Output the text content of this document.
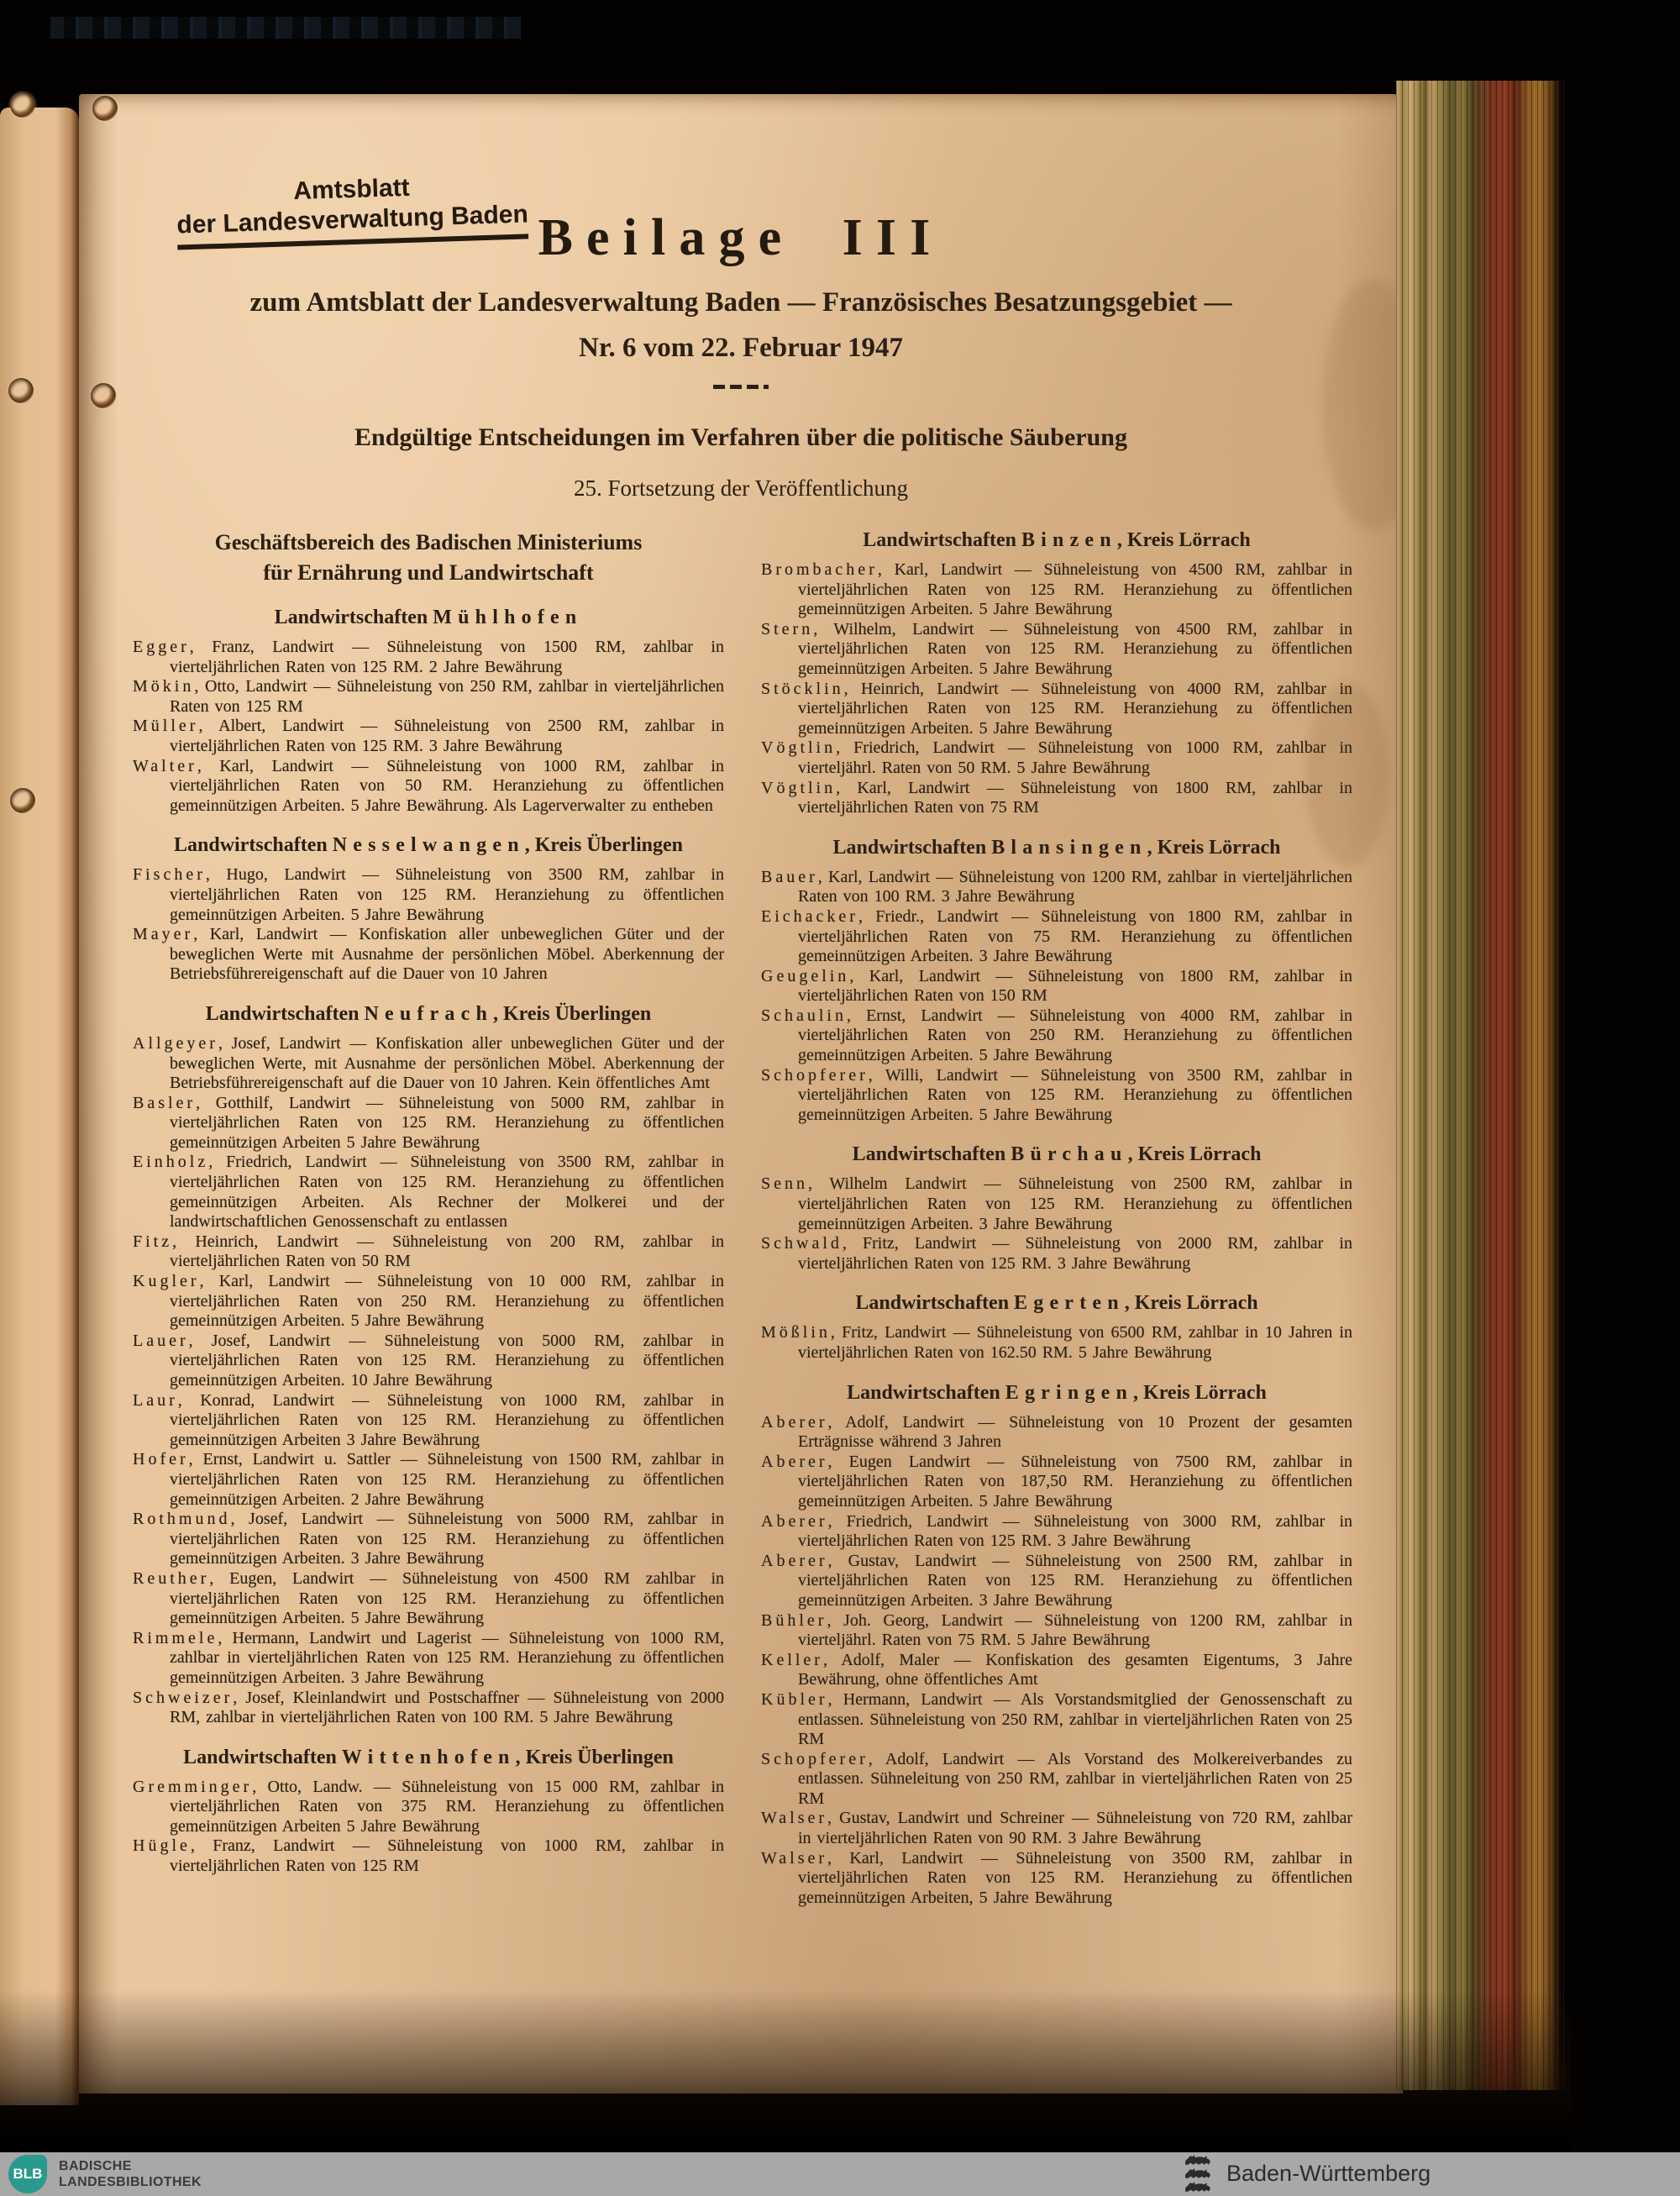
Amtsblatt
der Landesverwaltung Baden Beilage III
zum Amtsblatt der Landesverwaltung Baden — Französisches Besatzungsgebiet —
Nr. 6 vom 22. Februar 1947
Endgültige Entscheidungen im Verfahren über die politische Säuberung
25. Fortsetzung der Veröffentlichung

Geschäftsbereich des Badischen Ministeriums
für Ernährung und Landwirtschaft

Landwirtschaften Mühlhofen

Egger, Franz, Landwirt — Sühneleistung von 1500 RM, zahlbar in vierteljährlichen Raten von 125 RM. 2 Jahre Bewährung

Mökin, Otto, Landwirt — Sühneleistung von 250 RM, zahlbar in vierteljährlichen Raten von 125 RM

Müller, Albert, Landwirt — Sühneleistung von 2500 RM, zahlbar in vierteljährlichen Raten von 125 RM. 3 Jahre Bewährung

Walter, Karl, Landwirt — Sühneleistung von 1000 RM, zahlbar in vierteljährlichen Raten von 50 RM. Heranziehung zu öffentlichen gemeinnützigen Arbeiten. 5 Jahre Bewährung. Als Lagerverwalter zu entheben

Landwirtschaften Nesselwangen, Kreis Überlingen

Fischer, Hugo, Landwirt — Sühneleistung von 3500 RM, zahlbar in vierteljährlichen Raten von 125 RM. Heranziehung zu öffentlichen gemeinnützigen Arbeiten. 5 Jahre Bewährung

Mayer, Karl, Landwirt — Konfiskation aller unbeweglichen Güter und der beweglichen Werte mit Ausnahme der persönlichen Möbel. Aberkennung der Betriebsführereigenschaft auf die Dauer von 10 Jahren

Landwirtschaften Neufrach, Kreis Überlingen

Allgeyer, Josef, Landwirt — Konfiskation aller unbeweglichen Güter und der beweglichen Werte, mit Ausnahme der persönlichen Möbel. Aberkennung der Betriebsführereigenschaft auf die Dauer von 10 Jahren. Kein öffentliches Amt

Basler, Gotthilf, Landwirt — Sühneleistung von 5000 RM, zahlbar in vierteljährlichen Raten von 125 RM. Heranziehung zu öffentlichen gemeinnützigen Arbeiten 5 Jahre Bewährung

Einholz, Friedrich, Landwirt — Sühneleistung von 3500 RM, zahlbar in vierteljährlichen Raten von 125 RM. Heranziehung zu öffentlichen gemeinnützigen Arbeiten. Als Rechner der Molkerei und der landwirtschaftlichen Genossenschaft zu entlassen

Fitz, Heinrich, Landwirt — Sühneleistung von 200 RM, zahlbar in vierteljährlichen Raten von 50 RM

Kugler, Karl, Landwirt — Sühneleistung von 10 000 RM, zahlbar in vierteljährlichen Raten von 250 RM. Heranziehung zu öffentlichen gemeinnützigen Arbeiten. 5 Jahre Bewährung

Lauer, Josef, Landwirt — Sühneleistung von 5000 RM, zahlbar in vierteljährlichen Raten von 125 RM. Heranziehung zu öffentlichen gemeinnützigen Arbeiten. 10 Jahre Bewährung

Laur, Konrad, Landwirt — Sühneleistung von 1000 RM, zahlbar in vierteljährlichen Raten von 125 RM. Heranziehung zu öffentlichen gemeinnützigen Arbeiten 3 Jahre Bewährung

Hofer, Ernst, Landwirt u. Sattler — Sühneleistung von 1500 RM, zahlbar in vierteljährlichen Raten von 125 RM. Heranziehung zu öffentlichen gemeinnützigen Arbeiten. 2 Jahre Bewährung

Rothmund, Josef, Landwirt — Sühneleistung von 5000 RM, zahlbar in vierteljährlichen Raten von 125 RM. Heranziehung zu öffentlichen gemeinnützigen Arbeiten. 3 Jahre Bewährung

Reuther, Eugen, Landwirt — Sühneleistung von 4500 RM zahlbar in vierteljährlichen Raten von 125 RM. Heranziehung zu öffentlichen gemeinnützigen Arbeiten. 5 Jahre Bewährung

Rimmele, Hermann, Landwirt und Lagerist — Sühneleistung von 1000 RM, zahlbar in vierteljährlichen Raten von 125 RM. Heranziehung zu öffentlichen gemeinnützigen Arbeiten. 3 Jahre Bewährung

Schweizer, Josef, Kleinlandwirt und Postschaffner — Sühneleistung von 2000 RM, zahlbar in vierteljährlichen Raten von 100 RM. 5 Jahre Bewährung

Landwirtschaften Wittenhofen, Kreis Überlingen

Gremminger, Otto, Landw. — Sühneleistung von 15 000 RM, zahlbar in vierteljährlichen Raten von 375 RM. Heranziehung zu öffentlichen gemeinnützigen Arbeiten 5 Jahre Bewährung

Hügle, Franz, Landwirt — Sühneleistung von 1000 RM, zahlbar in vierteljährlichen Raten von 125 RM

Landwirtschaften Binzen, Kreis Lörrach

Brombacher, Karl, Landwirt — Sühneleistung von 4500 RM, zahlbar in vierteljährlichen Raten von 125 RM. Heranziehung zu öffentlichen gemeinnützigen Arbeiten. 5 Jahre Bewährung

Stern, Wilhelm, Landwirt — Sühneleistung von 4500 RM, zahlbar in vierteljährlichen Raten von 125 RM. Heranziehung zu öffentlichen gemeinnützigen Arbeiten. 5 Jahre Bewährung

Stöcklin, Heinrich, Landwirt — Sühneleistung von 4000 RM, zahlbar in vierteljährlichen Raten von 125 RM. Heranziehung zu öffentlichen gemeinnützigen Arbeiten. 5 Jahre Bewährung

Vögtlin, Friedrich, Landwirt — Sühneleistung von 1000 RM, zahlbar in vierteljährl. Raten von 50 RM. 5 Jahre Bewährung

Vögtlin, Karl, Landwirt — Sühneleistung von 1800 RM, zahlbar in vierteljährlichen Raten von 75 RM

Landwirtschaften Blansingen, Kreis Lörrach

Bauer, Karl, Landwirt — Sühneleistung von 1200 RM, zahlbar in vierteljährlichen Raten von 100 RM. 3 Jahre Bewährung

Eichacker, Friedr., Landwirt — Sühneleistung von 1800 RM, zahlbar in vierteljährlichen Raten von 75 RM. Heranziehung zu öffentlichen gemeinnützigen Arbeiten. 3 Jahre Bewährung

Geugelin, Karl, Landwirt — Sühneleistung von 1800 RM, zahlbar in vierteljährlichen Raten von 150 RM

Schaulin, Ernst, Landwirt — Sühneleistung von 4000 RM, zahlbar in vierteljährlichen Raten von 250 RM. Heranziehung zu öffentlichen gemeinnützigen Arbeiten. 5 Jahre Bewährung

Schopferer, Willi, Landwirt — Sühneleistung von 3500 RM, zahlbar in vierteljährlichen Raten von 125 RM. Heranziehung zu öffentlichen gemeinnützigen Arbeiten. 5 Jahre Bewährung

Landwirtschaften Bürchau, Kreis Lörrach

Senn, Wilhelm Landwirt — Sühneleistung von 2500 RM, zahlbar in vierteljährlichen Raten von 125 RM. Heranziehung zu öffentlichen gemeinnützigen Arbeiten. 3 Jahre Bewährung

Schwald, Fritz, Landwirt — Sühneleistung von 2000 RM, zahlbar in vierteljährlichen Raten von 125 RM. 3 Jahre Bewährung

Landwirtschaften Egerten, Kreis Lörrach

Mößlin, Fritz, Landwirt — Sühneleistung von 6500 RM, zahlbar in 10 Jahren in vierteljährlichen Raten von 162.50 RM. 5 Jahre Bewährung

Landwirtschaften Egringen, Kreis Lörrach

Aberer, Adolf, Landwirt — Sühneleistung von 10 Prozent der gesamten Erträgnisse während 3 Jahren

Aberer, Eugen Landwirt — Sühneleistung von 7500 RM, zahlbar in vierteljährlichen Raten von 187,50 RM. Heranziehung zu öffentlichen gemeinnützigen Arbeiten. 5 Jahre Bewährung

Aberer, Friedrich, Landwirt — Sühneleistung von 3000 RM, zahlbar in vierteljährlichen Raten von 125 RM. 3 Jahre Bewährung

Aberer, Gustav, Landwirt — Sühneleistung von 2500 RM, zahlbar in vierteljährlichen Raten von 125 RM. Heranziehung zu öffentlichen gemeinnützigen Arbeiten. 3 Jahre Bewährung

Bühler, Joh. Georg, Landwirt — Sühneleistung von 1200 RM, zahlbar in vierteljährl. Raten von 75 RM. 5 Jahre Bewährung

Keller, Adolf, Maler — Konfiskation des gesamten Eigentums, 3 Jahre Bewährung, ohne öffentliches Amt

Kübler, Hermann, Landwirt — Als Vorstandsmitglied der Genossenschaft zu entlassen. Sühneleistung von 250 RM, zahlbar in vierteljährlichen Raten von 25 RM

Schopferer, Adolf, Landwirt — Als Vorstand des Molkereiverbandes zu entlassen. Sühneleitung von 250 RM, zahlbar in vierteljährlichen Raten von 25 RM

Walser, Gustav, Landwirt und Schreiner — Sühneleistung von 720 RM, zahlbar in vierteljährlichen Raten von 90 RM. 3 Jahre Bewährung

Walser, Karl, Landwirt — Sühneleistung von 3500 RM, zahlbar in vierteljährlichen Raten von 125 RM. Heranziehung zu öffentlichen gemeinnützigen Arbeiten, 5 Jahre Bewährung

BLB BADISCHE
LANDESBIBLIOTHEK	Baden-Württemberg
